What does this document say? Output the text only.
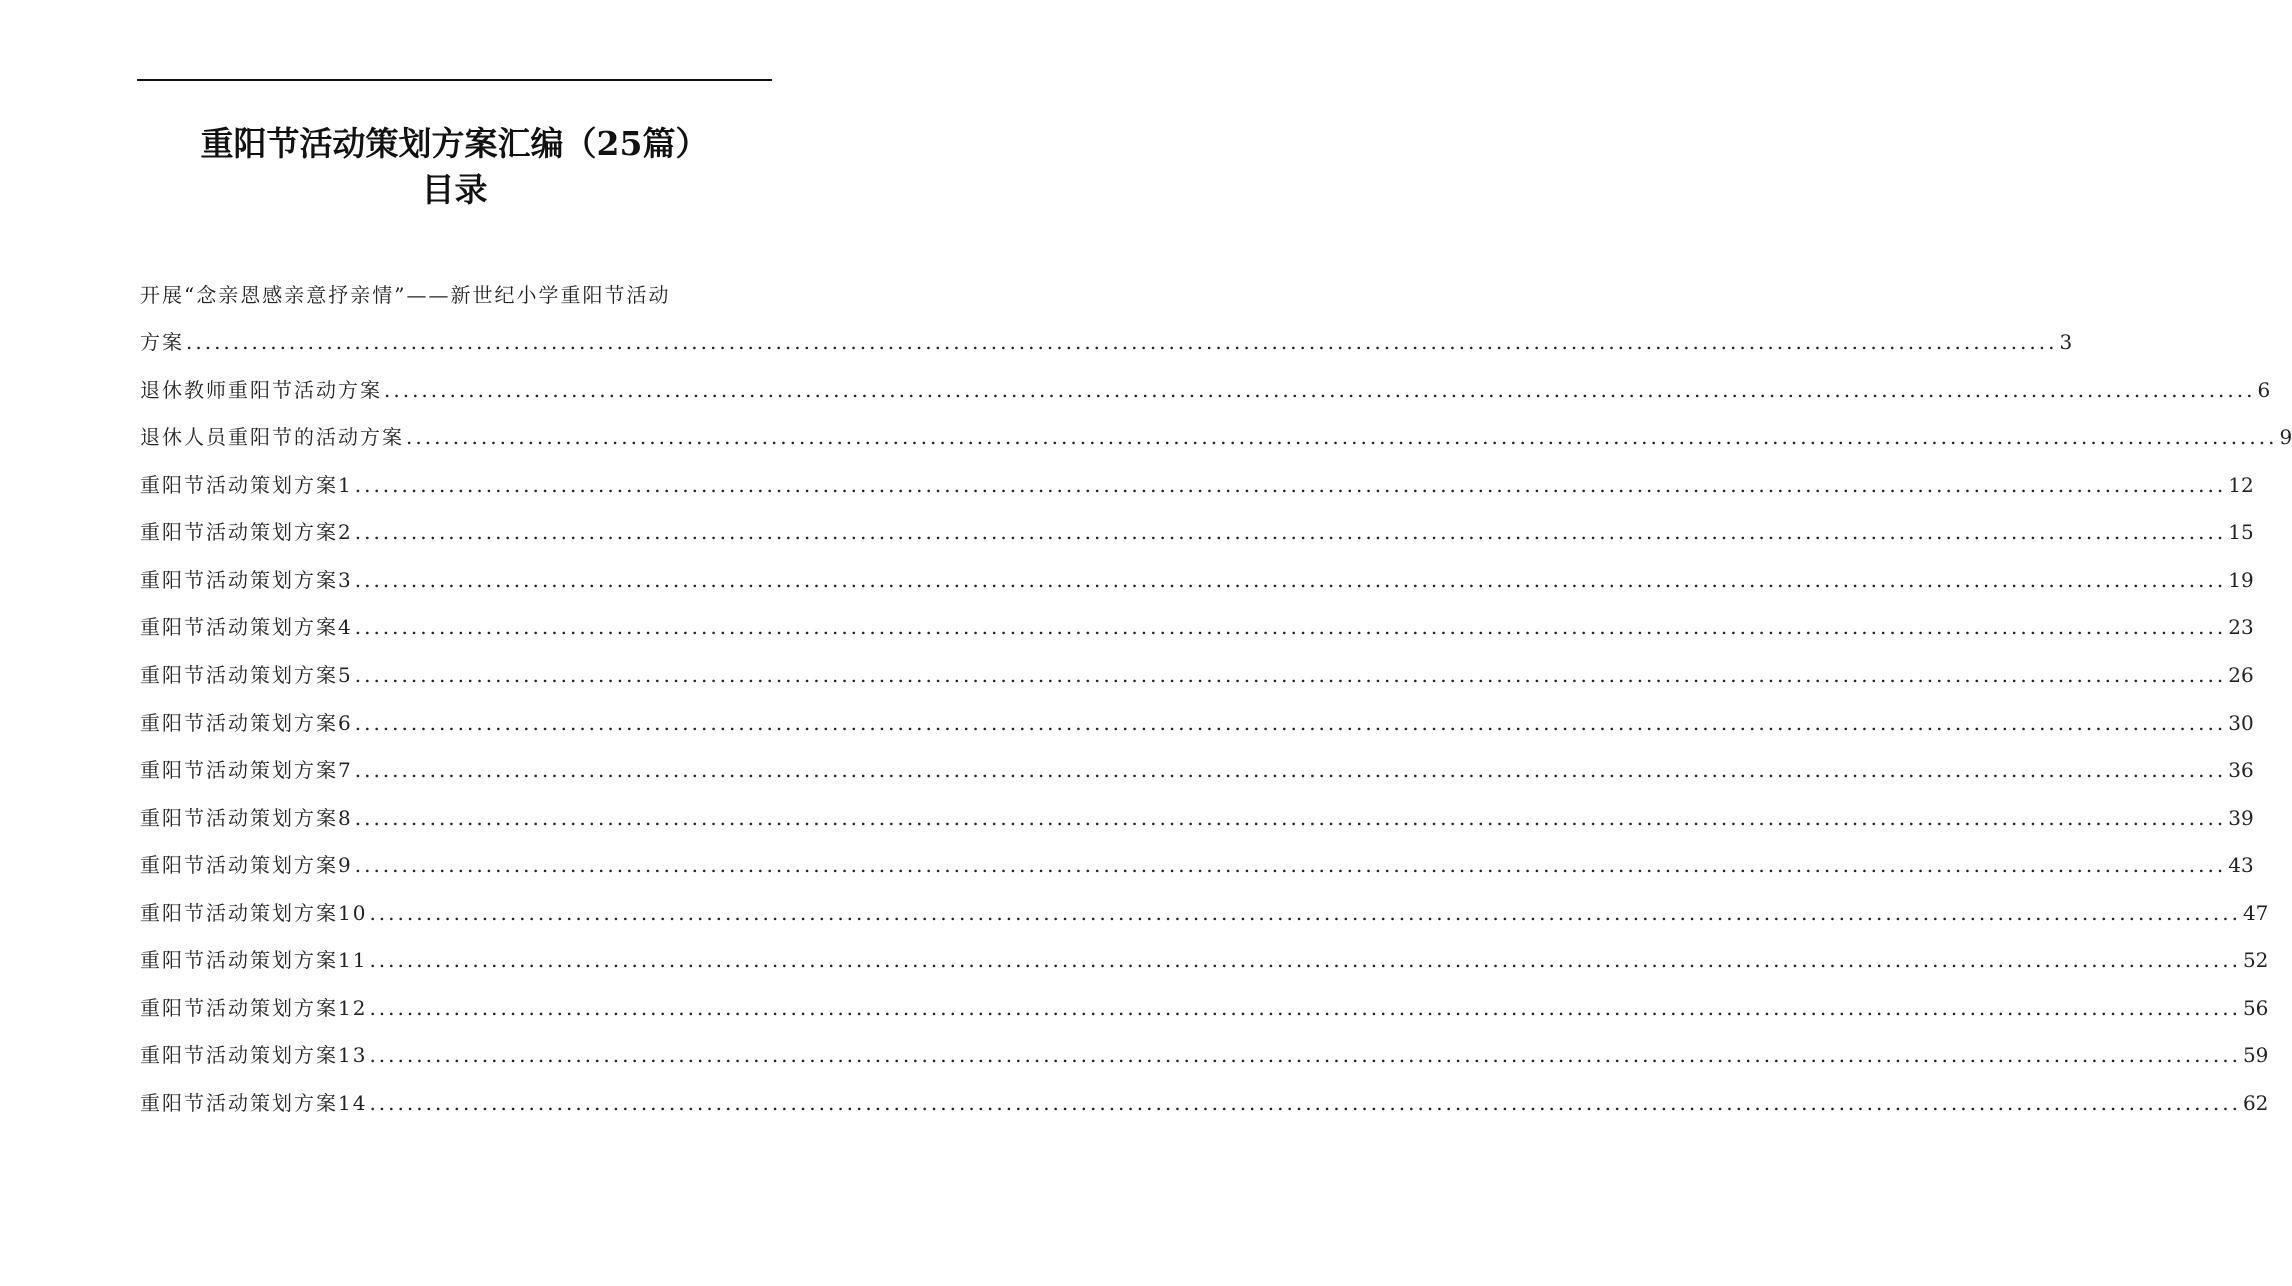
重阳节活动策划方案汇编（25篇）
目录
开展“念亲恩感亲意抒亲情”——新世纪小学重阳节活动
方案 ........................................................................................................................................................................................................ 3
退休教师重阳节活动方案 ........................................................................................................................................................................................................ 6
退休人员重阳节的活动方案 ........................................................................................................................................................................................................ 9
重阳节活动策划方案1 ........................................................................................................................................................................................................ 12
重阳节活动策划方案2 ........................................................................................................................................................................................................ 15
重阳节活动策划方案3 ........................................................................................................................................................................................................ 19
重阳节活动策划方案4 ........................................................................................................................................................................................................ 23
重阳节活动策划方案5 ........................................................................................................................................................................................................ 26
重阳节活动策划方案6 ........................................................................................................................................................................................................ 30
重阳节活动策划方案7 ........................................................................................................................................................................................................ 36
重阳节活动策划方案8 ........................................................................................................................................................................................................ 39
重阳节活动策划方案9 ........................................................................................................................................................................................................ 43
重阳节活动策划方案10 ........................................................................................................................................................................................................ 47
重阳节活动策划方案11 ........................................................................................................................................................................................................ 52
重阳节活动策划方案12 ........................................................................................................................................................................................................ 56
重阳节活动策划方案13 ........................................................................................................................................................................................................ 59
重阳节活动策划方案14 ........................................................................................................................................................................................................ 62
